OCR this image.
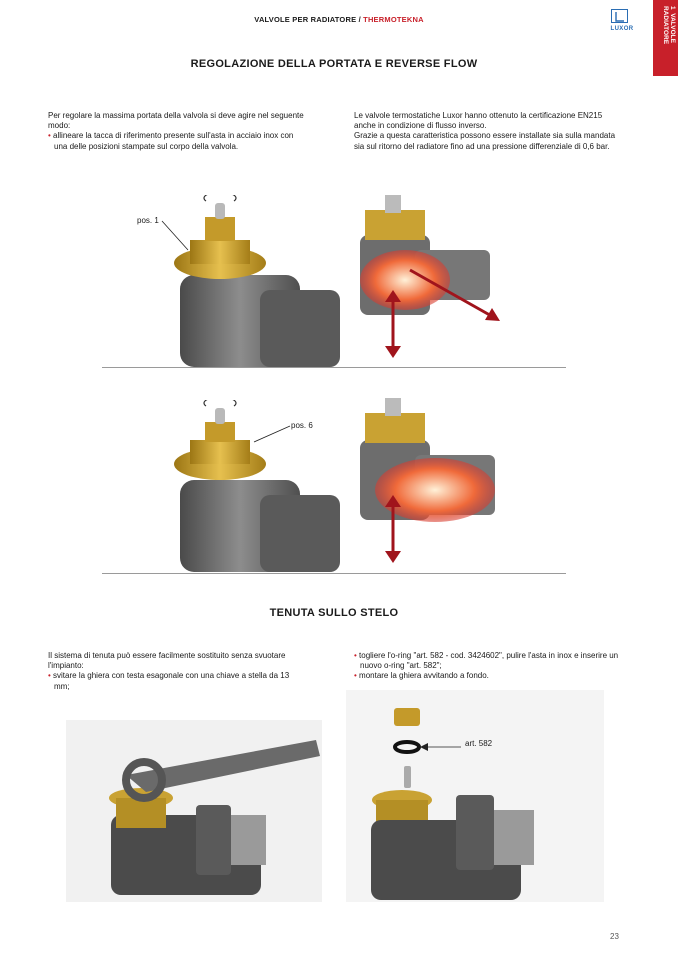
VALVOLE PER RADIATORE / THERMOTEKNA
LUXOR
1  VALVOLE RADIATORE
REGOLAZIONE DELLA PORTATA E REVERSE FLOW
Per regolare la massima portata della valvola si deve agire nel seguente modo:
• allineare la tacca di riferimento presente sull'asta in acciaio inox con una delle posizioni stampate sul corpo della valvola.
Le valvole termostatiche Luxor hanno ottenuto la certificazione EN215 anche in condizione di flusso inverso.
Grazie a questa caratteristica possono essere installate sia sulla mandata sia sul ritorno del radiatore fino ad una pressione differenziale di 0,6 bar.
pos. 1
pos. 6
TENUTA SULLO STELO
Il sistema di tenuta può essere facilmente sostituito senza svuotare l'impianto:
• svitare la ghiera con testa esagonale con una chiave a stella da 13 mm;
• togliere l'o-ring "art. 582 - cod. 3424602", pulire l'asta in inox e inserire un nuovo o-ring "art. 582";
• montare la ghiera avvitando a fondo.
art. 582
23
